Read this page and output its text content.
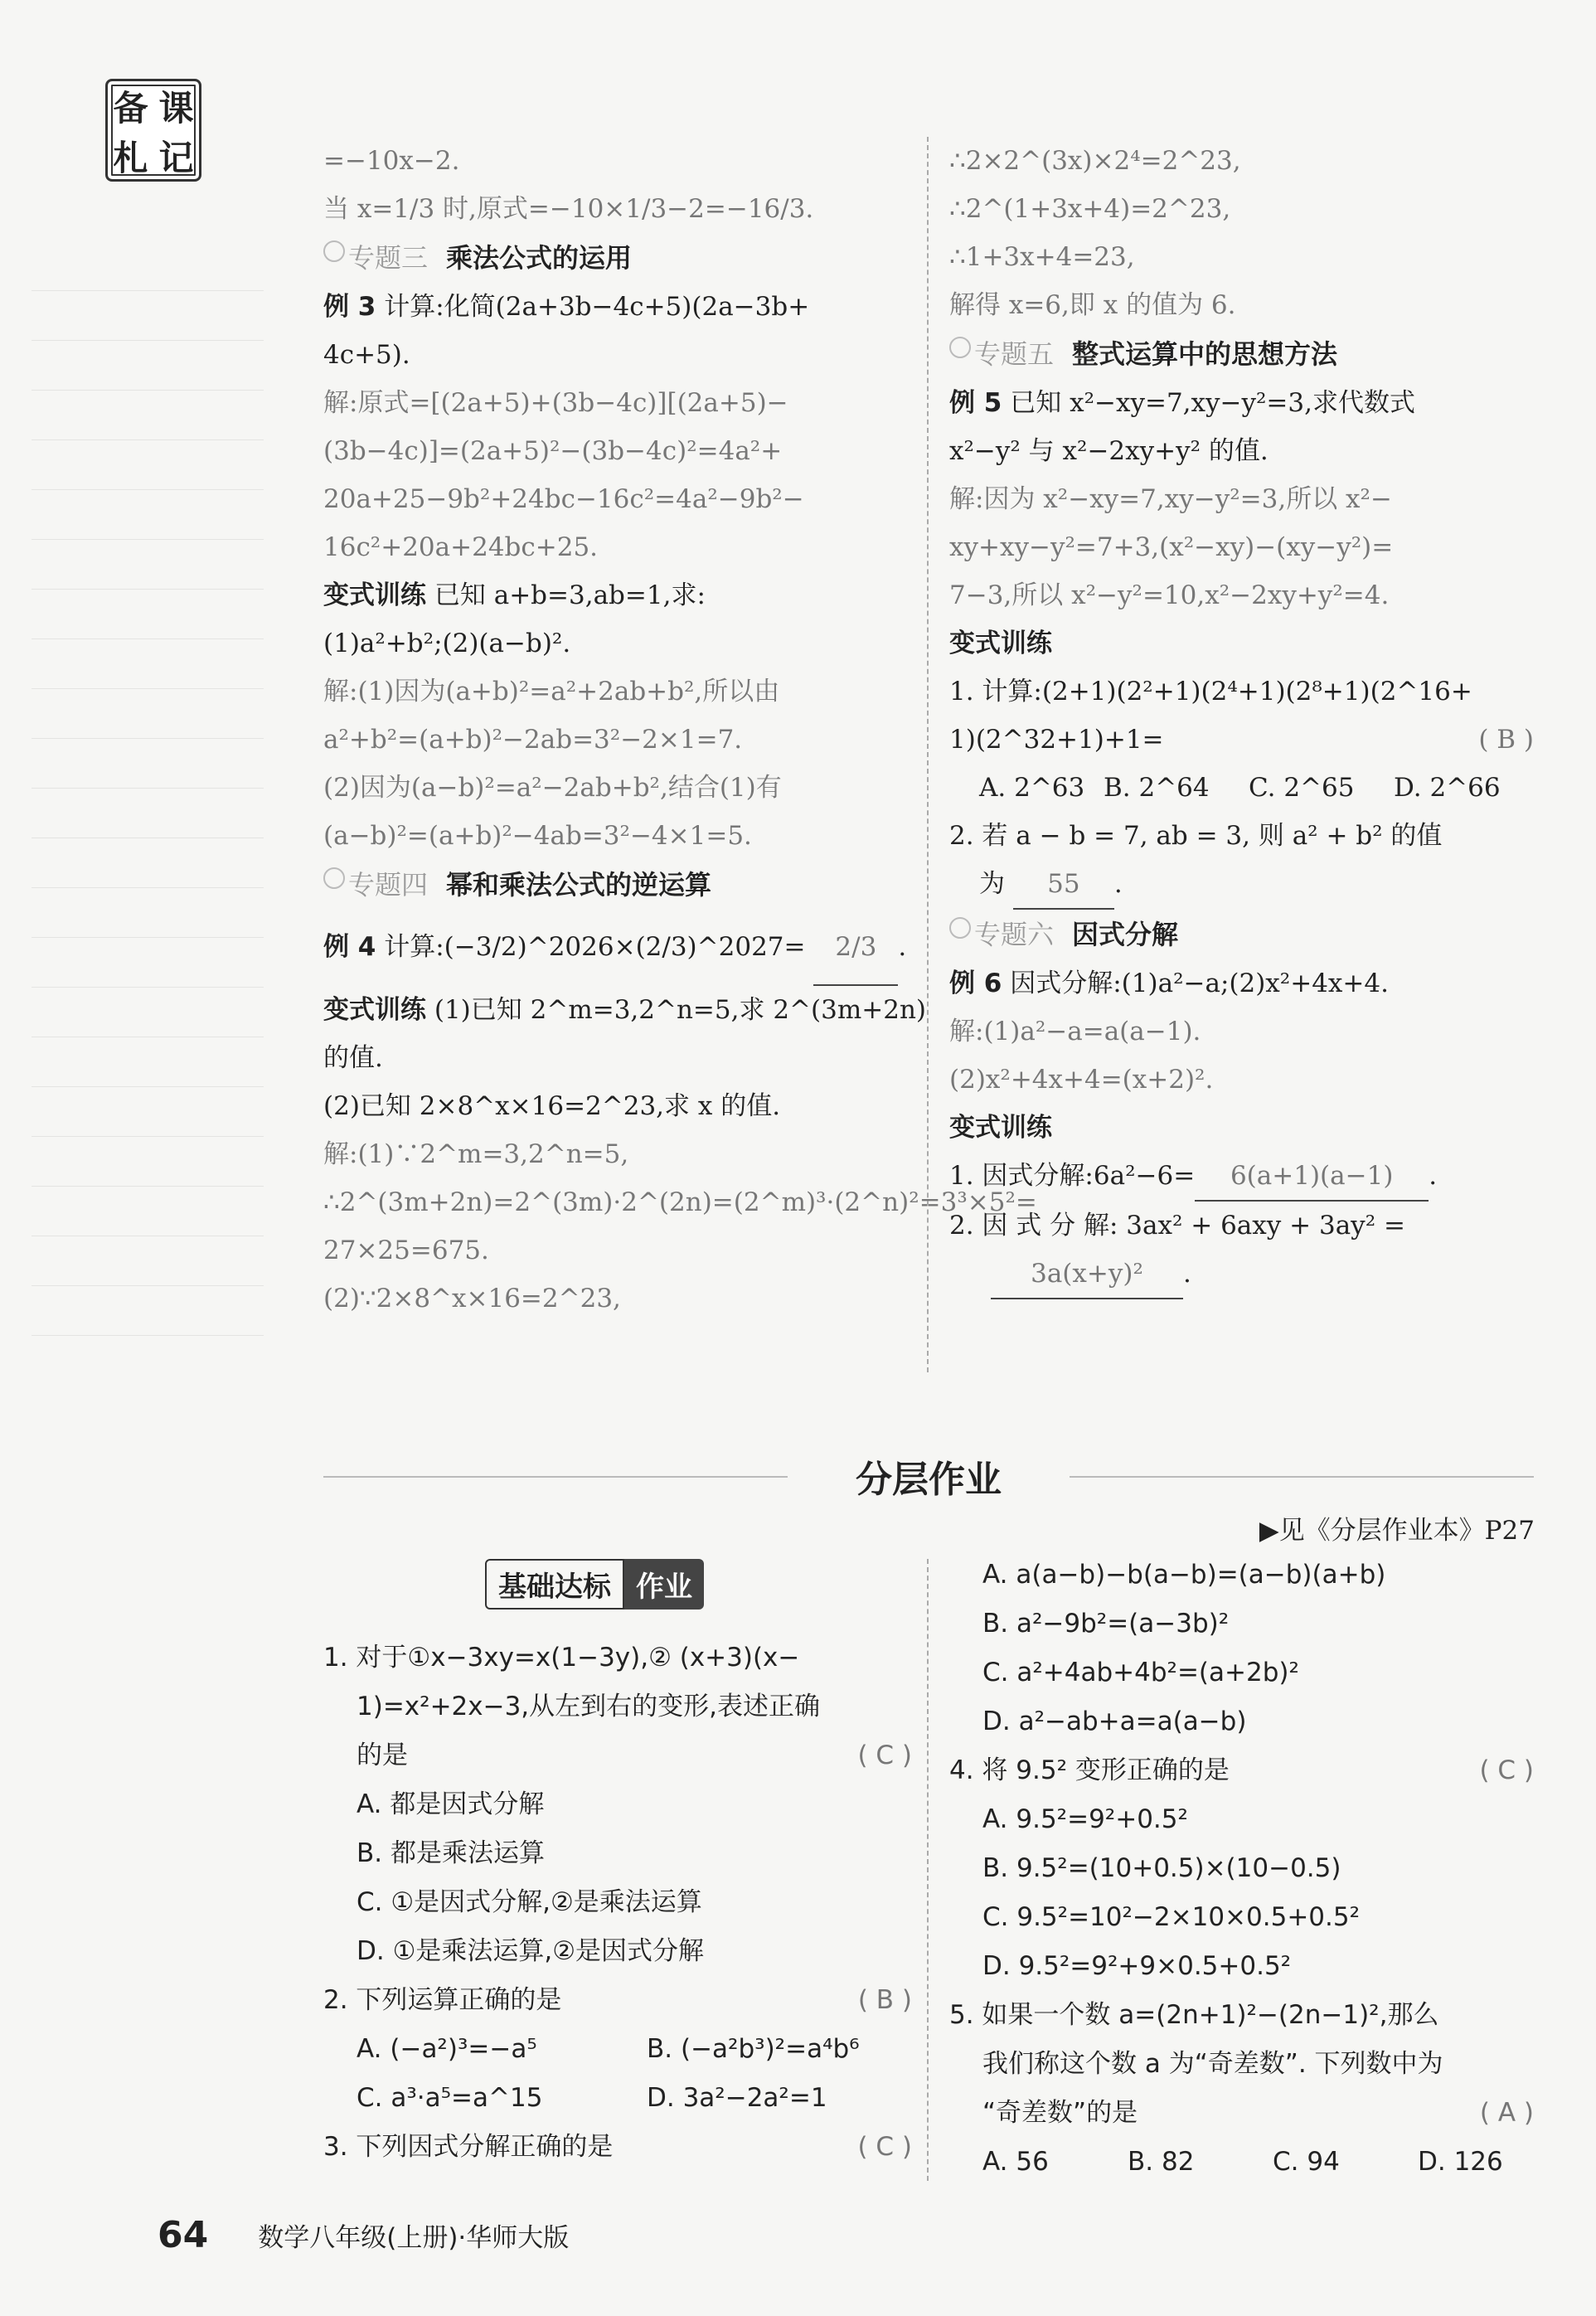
备 课
札 记	=−10x−2.

当 x=1/3 时,原式=−10×1/3−2=−16/3.

专题三 乘法公式的运用

例 3 计算:化简(2a+3b−4c+5)(2a−3b+

4c+5).

解:原式=[(2a+5)+(3b−4c)][(2a+5)−

(3b−4c)]=(2a+5)²−(3b−4c)²=4a²+

20a+25−9b²+24bc−16c²=4a²−9b²−

16c²+20a+24bc+25.

变式训练 已知 a+b=3,ab=1,求:

(1)a²+b²;(2)(a−b)².

解:(1)因为(a+b)²=a²+2ab+b²,所以由

a²+b²=(a+b)²−2ab=3²−2×1=7.

(2)因为(a−b)²=a²−2ab+b²,结合(1)有

(a−b)²=(a+b)²−4ab=3²−4×1=5.

专题四 幂和乘法公式的逆运算

例 4 计算:(−3/2)^2026×(2/3)^2027= 2/3 .

变式训练 (1)已知 2^m=3,2^n=5,求 2^(3m+2n)

的值.

(2)已知 2×8^x×16=2^23,求 x 的值.

解:(1)∵2^m=3,2^n=5,

∴2^(3m+2n)=2^(3m)·2^(2n)=(2^m)³·(2^n)²=3³×5²=

27×25=675.

(2)∵2×8^x×16=2^23,

∴2×2^(3x)×2⁴=2^23,

∴2^(1+3x+4)=2^23,

∴1+3x+4=23,

解得 x=6,即 x 的值为 6.

专题五 整式运算中的思想方法

例 5 已知 x²−xy=7,xy−y²=3,求代数式

x²−y² 与 x²−2xy+y² 的值.

解:因为 x²−xy=7,xy−y²=3,所以 x²−

xy+xy−y²=7+3,(x²−xy)−(xy−y²)=

7−3,所以 x²−y²=10,x²−2xy+y²=4.

变式训练

1. 计算:(2+1)(2²+1)(2⁴+1)(2⁸+1)(2^16+

1)(2^32+1)+1=	( B )

A. 2^63 B. 2^64 C. 2^65 D. 2^66

2. 若 a − b = 7, ab = 3, 则 a² + b² 的值

为 55 .

专题六 因式分解

例 6 因式分解:(1)a²−a;(2)x²+4x+4.

解:(1)a²−a=a(a−1).

(2)x²+4x+4=(x+2)².

变式训练

1. 因式分解:6a²−6= 6(a+1)(a−1) .

2. 因 式 分 解: 3ax² + 6axy + 3ay² =

3a(x+y)² .

分层作业
▶见《分层作业本》P27
基础达标 作业

1. 对于①x−3xy=x(1−3y),② (x+3)(x−

1)=x²+2x−3,从左到右的变形,表述正确

的是	( C )

A. 都是因式分解

B. 都是乘法运算

C. ①是因式分解,②是乘法运算

D. ①是乘法运算,②是因式分解

2. 下列运算正确的是	( B )

A. (−a²)³=−a⁵	B. (−a²b³)²=a⁴b⁶

C. a³·a⁵=a^15	D. 3a²−2a²=1

3. 下列因式分解正确的是	( C )

A. a(a−b)−b(a−b)=(a−b)(a+b)

B. a²−9b²=(a−3b)²

C. a²+4ab+4b²=(a+2b)²

D. a²−ab+a=a(a−b)

4. 将 9.5² 变形正确的是	( C )

A. 9.5²=9²+0.5²

B. 9.5²=(10+0.5)×(10−0.5)

C. 9.5²=10²−2×10×0.5+0.5²

D. 9.5²=9²+9×0.5+0.5²

5. 如果一个数 a=(2n+1)²−(2n−1)²,那么

我们称这个数 a 为“奇差数”. 下列数中为

“奇差数”的是	( A )

A. 56	B. 82	C. 94	D. 126

64 数学八年级(上册)·华师大版
